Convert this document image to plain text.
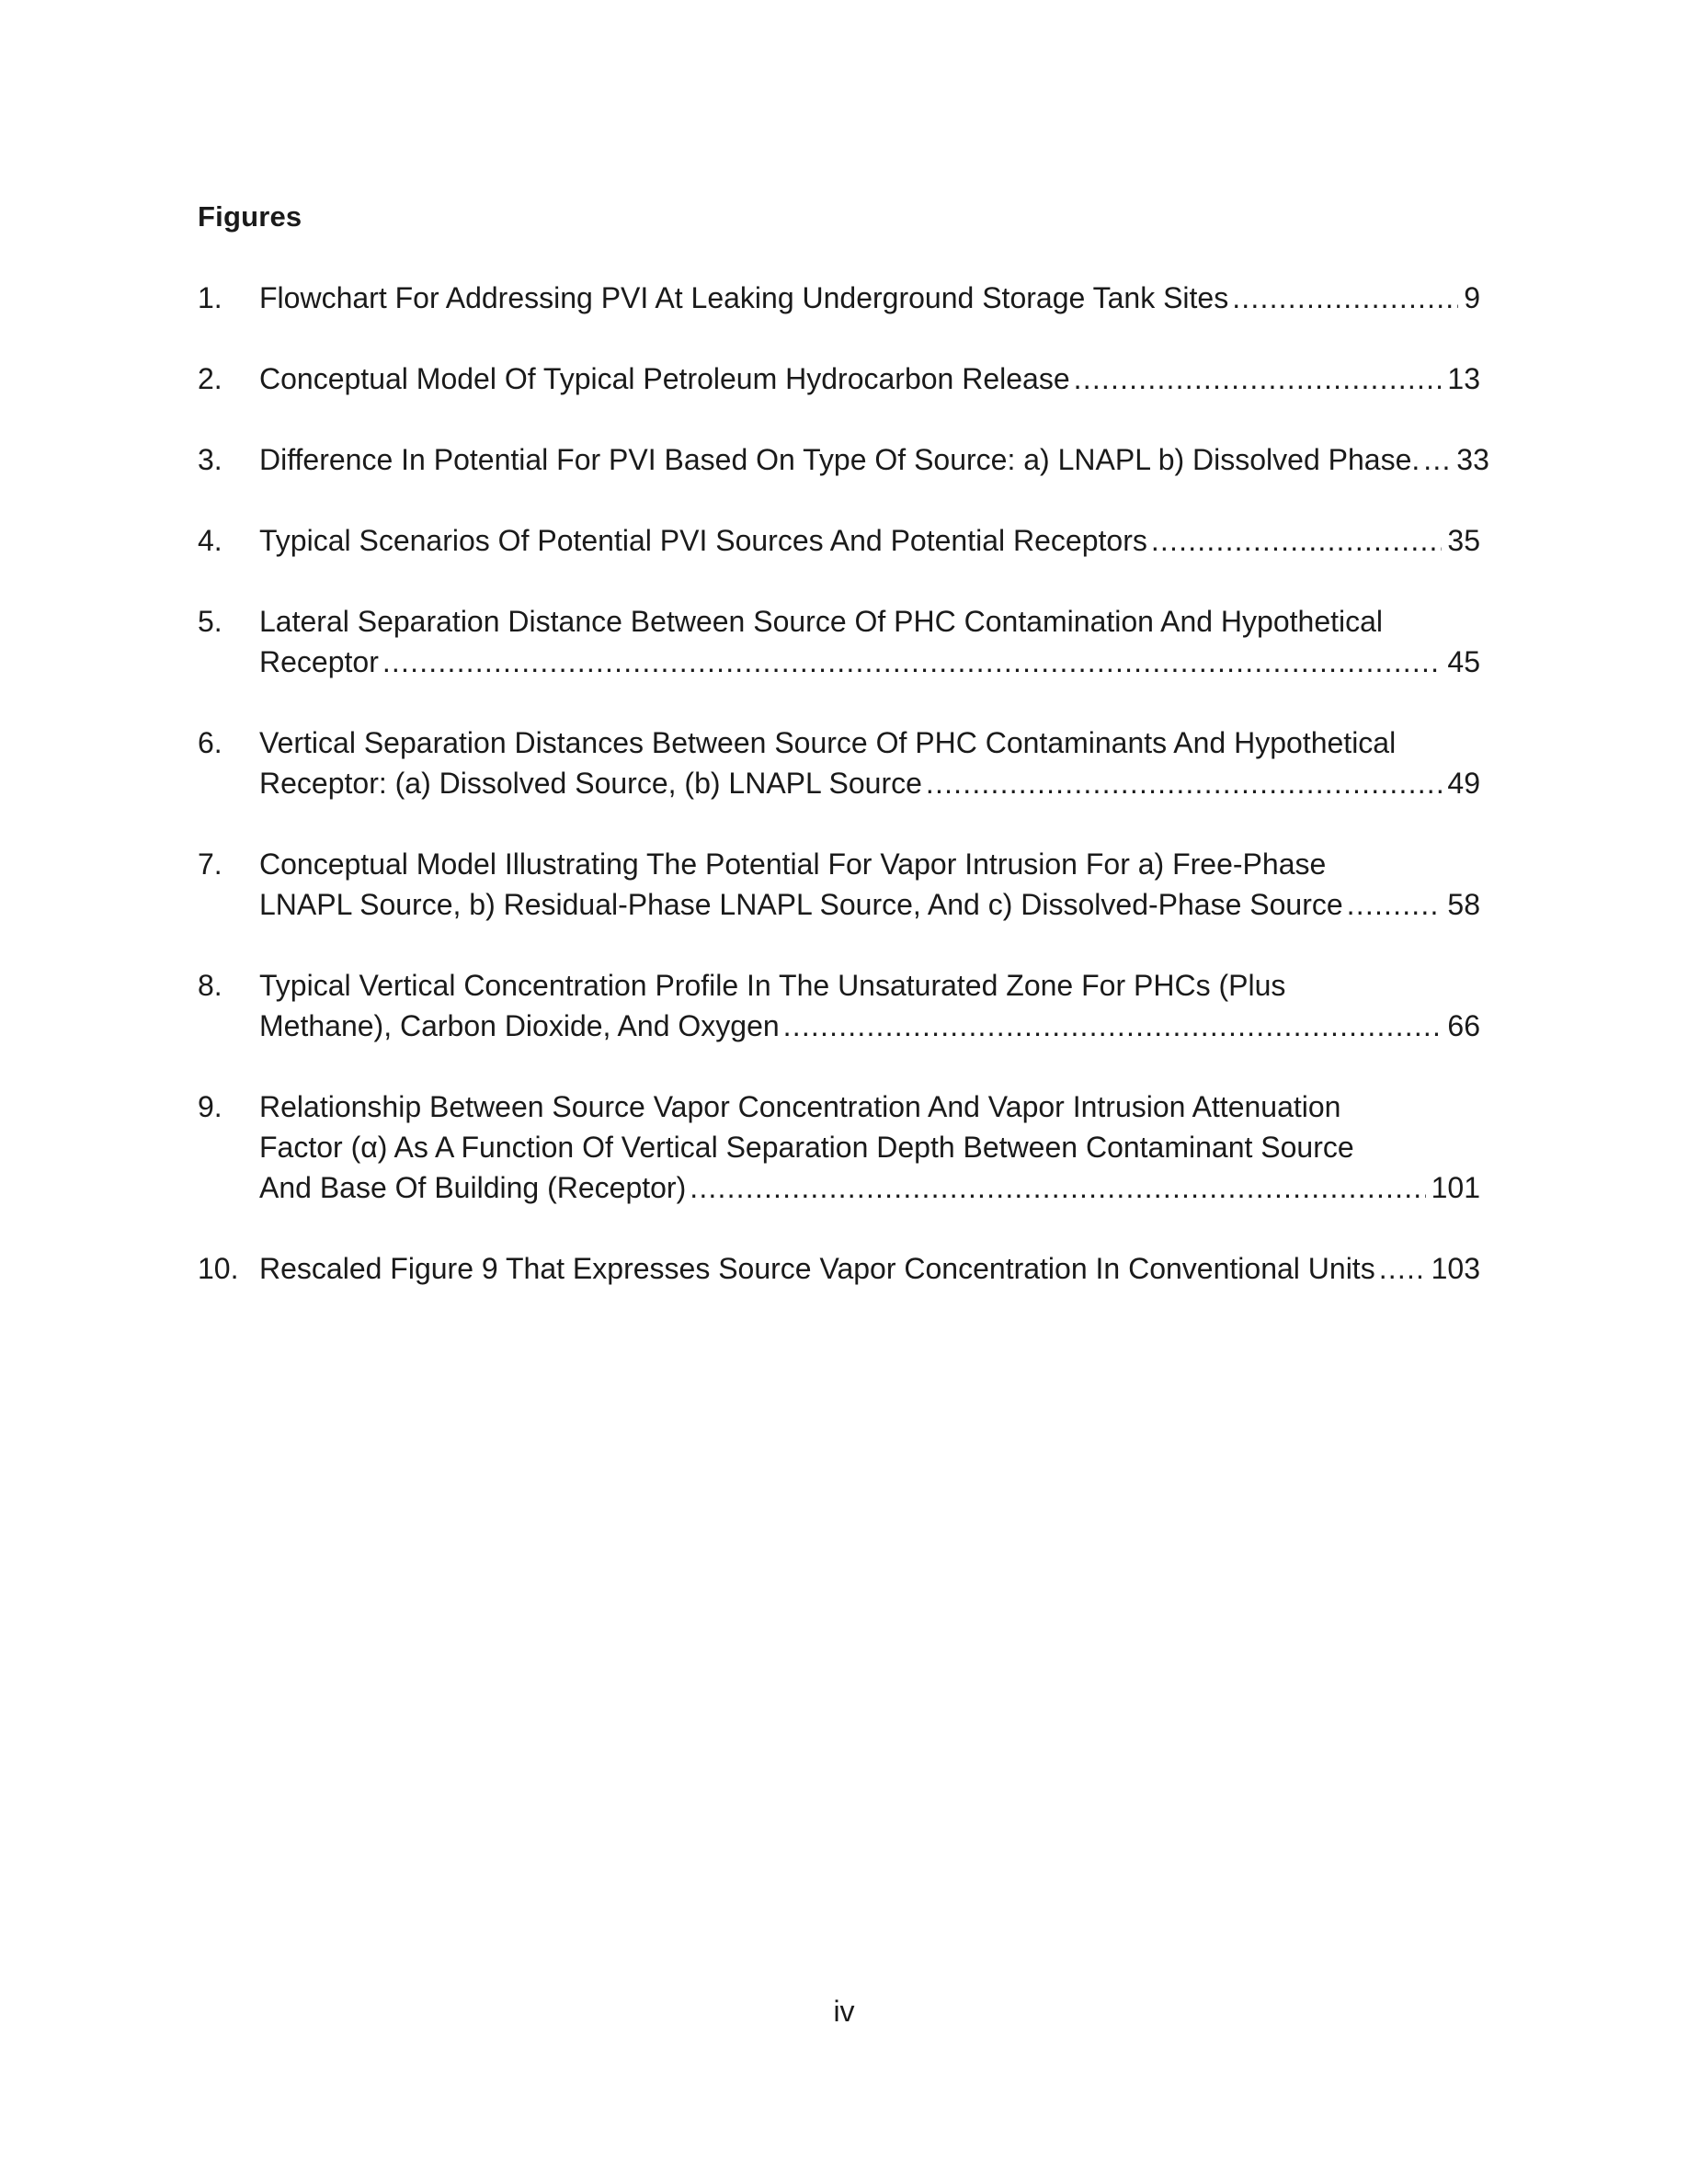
Figures
1.	Flowchart For Addressing PVI At Leaking Underground Storage Tank Sites .....	9
2.	Conceptual Model Of Typical Petroleum Hydrocarbon Release .....	13
3.	Difference In Potential For PVI Based On Type Of Source: a) LNAPL b) Dissolved Phase. ..... 33
4.	Typical Scenarios Of Potential PVI Sources And Potential Receptors .....	35
5.	Lateral Separation Distance Between Source Of PHC Contamination And Hypothetical
Receptor .....	45
6.	Vertical Separation Distances Between Source Of PHC Contaminants And Hypothetical
Receptor: (a) Dissolved Source, (b) LNAPL Source .....	49
7.	Conceptual Model Illustrating The Potential For Vapor Intrusion For a) Free-Phase
LNAPL Source, b) Residual-Phase LNAPL Source, And c) Dissolved-Phase Source .....	58
8.	Typical Vertical Concentration Profile In The Unsaturated Zone For PHCs (Plus
Methane), Carbon Dioxide, And Oxygen .....	66
9.	Relationship Between Source Vapor Concentration And Vapor Intrusion Attenuation Factor (α) As A Function Of Vertical Separation Depth Between Contaminant Source
And Base Of Building (Receptor) .....	101
10. Rescaled Figure 9 That Expresses Source Vapor Concentration In Conventional Units ..... 103
iv
